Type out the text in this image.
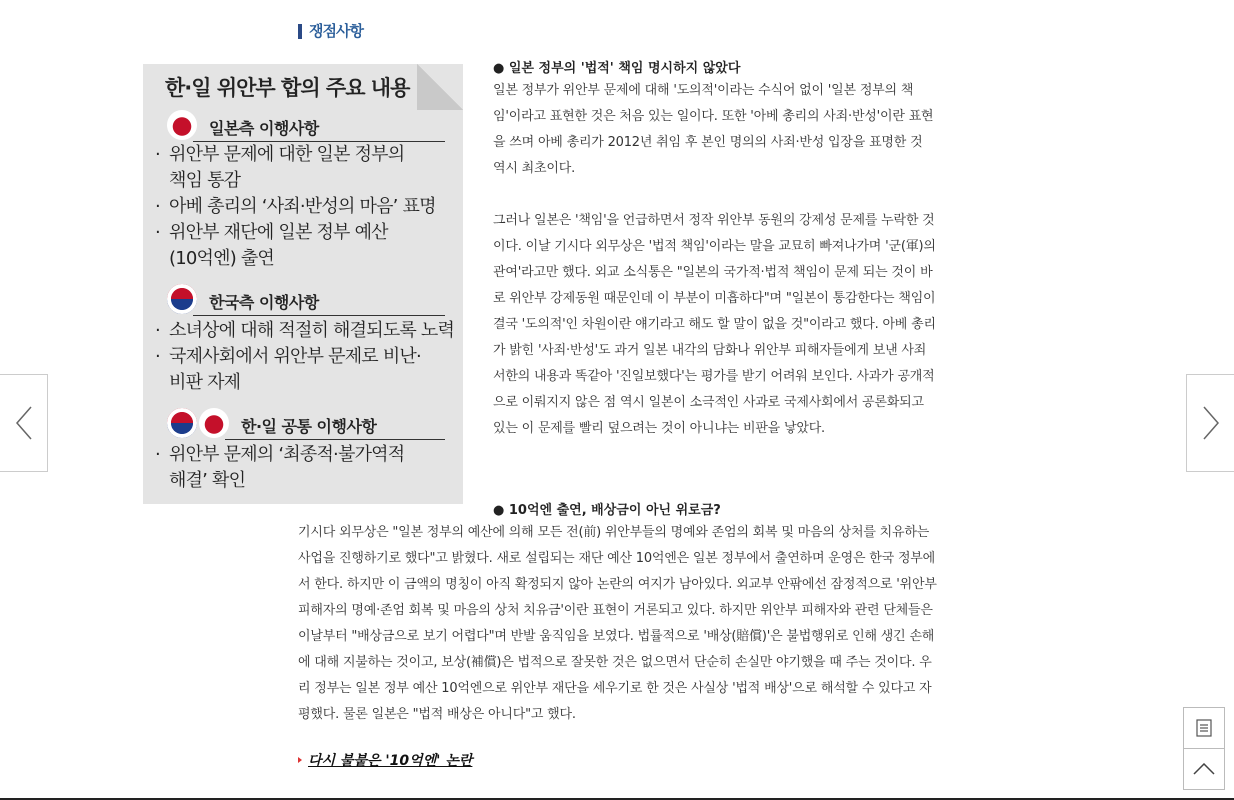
쟁점사항
한·일 위안부 합의 주요 내용
일본측 이행사항
· 위안부 문제에 대한 일본 정부의
책임 통감
· 아베 총리의 ‘사죄·반성의 마음’ 표명
· 위안부 재단에 일본 정부 예산
(10억엔) 출연
한국측 이행사항
· 소녀상에 대해 적절히 해결되도록 노력
· 국제사회에서 위안부 문제로 비난·
비판 자제
한·일 공통 이행사항
· 위안부 문제의 ‘최종적·불가역적
해결’ 확인
● 일본 정부의 '법적' 책임 명시하지 않았다
일본 정부가 위안부 문제에 대해 '도의적'이라는 수식어 없이 '일본 정부의 책임'이라고 표현한 것은 처음 있는 일이다. 또한 '아베 총리의 사죄·반성'이란 표현을 쓰며 아베 총리가 2012년 취임 후 본인 명의의 사죄·반성 입장을 표명한 것 역시 최초이다.
그러나 일본은 '책임'을 언급하면서 정작 위안부 동원의 강제성 문제를 누락한 것이다. 이날 기시다 외무상은 '법적 책임'이라는 말을 교묘히 빠져나가며 '군(軍)의 관여'라고만 했다. 외교 소식통은 "일본의 국가적·법적 책임이 문제 되는 것이 바로 위안부 강제동원 때문인데 이 부분이 미흡하다"며 "일본이 통감한다는 책임이 결국 '도의적'인 차원이란 얘기라고 해도 할 말이 없을 것"이라고 했다. 아베 총리가 밝힌 '사죄·반성'도 과거 일본 내각의 담화나 위안부 피해자들에게 보낸 사죄 서한의 내용과 똑같아 '진일보했다'는 평가를 받기 어려워 보인다. 사과가 공개적으로 이뤄지지 않은 점 역시 일본이 소극적인 사과로 국제사회에서 공론화되고 있는 이 문제를 빨리 덮으려는 것이 아니냐는 비판을 낳았다.
● 10억엔 출연, 배상금이 아닌 위로금?
기시다 외무상은 "일본 정부의 예산에 의해 모든 전(前) 위안부들의 명예와 존엄의 회복 및 마음의 상처를 치유하는 사업을 진행하기로 했다"고 밝혔다. 새로 설립되는 재단 예산 10억엔은 일본 정부에서 출연하며 운영은 한국 정부에서 한다. 하지만 이 금액의 명칭이 아직 확정되지 않아 논란의 여지가 남아있다. 외교부 안팎에선 잠정적으로 '위안부 피해자의 명예·존엄 회복 및 마음의 상처 치유금'이란 표현이 거론되고 있다. 하지만 위안부 피해자와 관련 단체들은 이날부터 "배상금으로 보기 어렵다"며 반발 움직임을 보였다. 법률적으로 '배상(賠償)'은 불법행위로 인해 생긴 손해에 대해 지불하는 것이고, 보상(補償)은 법적으로 잘못한 것은 없으면서 단순히 손실만 야기했을 때 주는 것이다. 우리 정부는 일본 정부 예산 10억엔으로 위안부 재단을 세우기로 한 것은 사실상 '법적 배상'으로 해석할 수 있다고 자평했다. 물론 일본은 "법적 배상은 아니다"고 했다.
다시 불붙은 '10억엔' 논란
